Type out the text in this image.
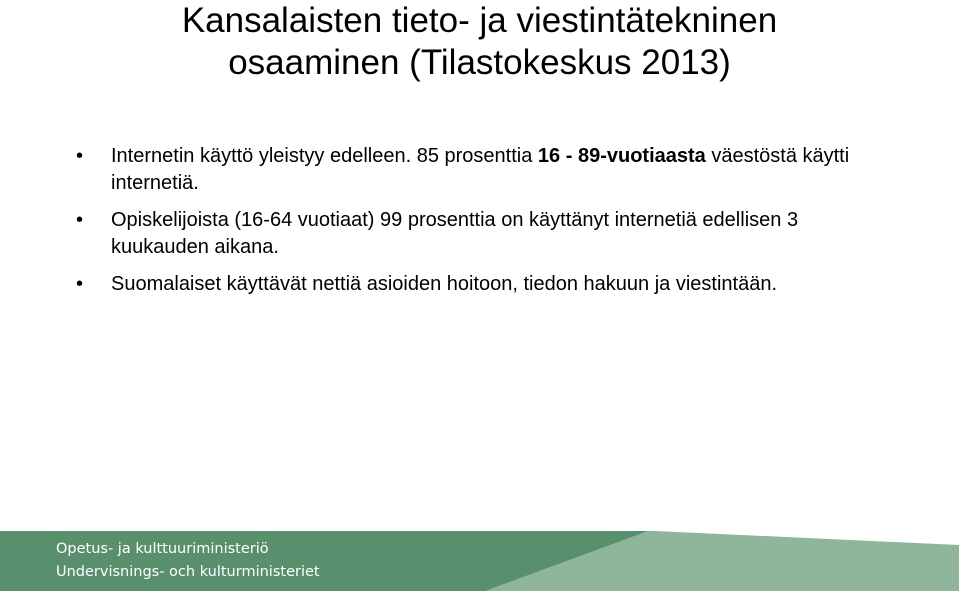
Kansalaisten tieto- ja viestintätekninen
osaaminen (Tilastokeskus 2013)
• Internetin käyttö yleistyy edelleen. 85 prosenttia 16 - 89-vuotiaasta väestöstä käytti internetiä.
• Opiskelijoista (16-64 vuotiaat) 99 prosenttia on käyttänyt internetiä edellisen 3 kuukauden aikana.
• Suomalaiset käyttävät nettiä asioiden hoitoon, tiedon hakuun ja viestintään.
Opetus- ja kulttuuriministeriö
Undervisnings- och kulturministeriet
